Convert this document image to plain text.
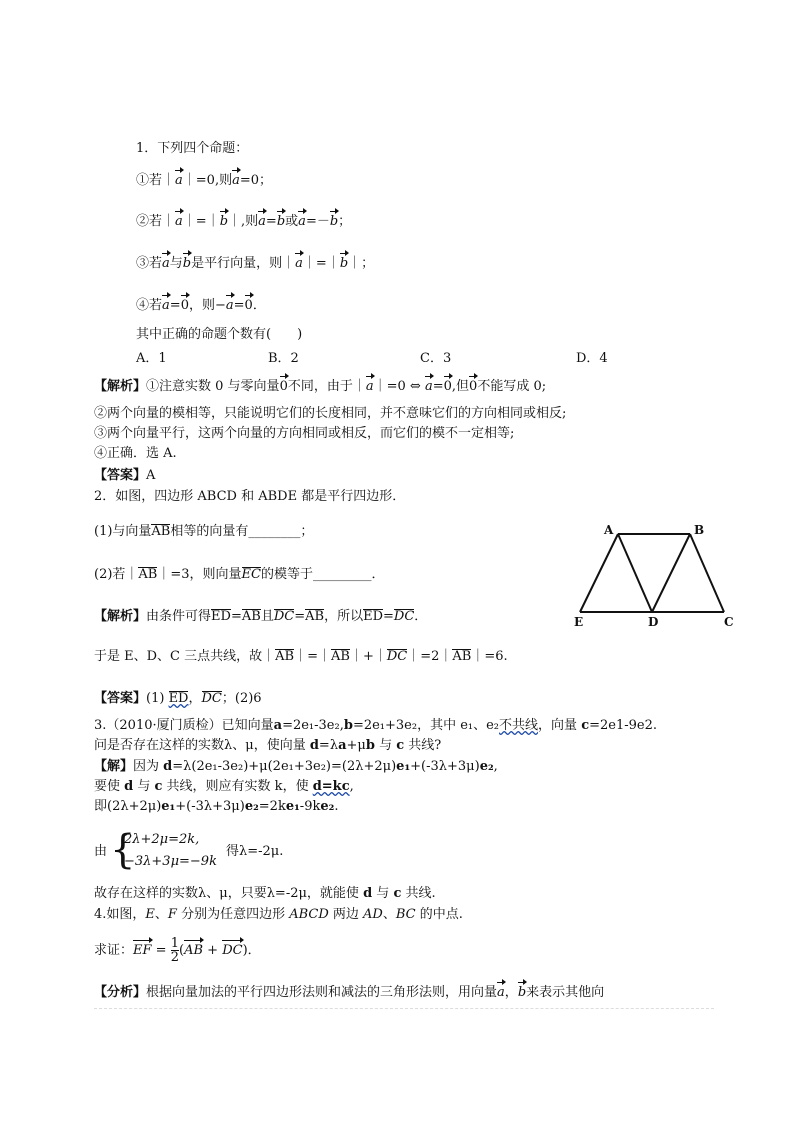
1．下列四个命题：
①若｜a｜=0,则a=0；
②若｜a｜=｜b｜,则a=b或a=－b；
③若a与b是平行向量，则｜a｜=｜b｜；
④若a=0，则−a=0．
其中正确的命题个数有(　　)
A．1	B．2	C．3	D．4
【解析】①注意实数 0 与零向量0不同，由于｜a｜=0 ⇔ a=0,但0不能写成 0;
②两个向量的模相等，只能说明它们的长度相同，并不意味它们的方向相同或相反;
③两个向量平行，这两个向量的方向相同或相反，而它们的模不一定相等;
④正确．选 A.
【答案】A
2．如图，四边形 ABCD 和 ABDE 都是平行四边形．
(1)与向量AB相等的向量有________；
(2)若｜AB｜=3，则向量EC的模等于_________．
【解析】由条件可得ED=AB且DC=AB，所以ED=DC．
于是 E、D、C 三点共线，故｜AB｜=｜AB｜+｜DC｜=2｜AB｜=6.
【答案】(1) ED，DC；(2)6
A	B
E	D	C
3.（2010·厦门质检）已知向量a=2e₁-3e₂,b=2e₁+3e₂，其中 e₁、e₂不共线，向量 c=2e1-9e2.
问是否存在这样的实数λ、μ，使向量 d=λa+μb 与 c 共线?
【解】因为 d=λ(2e₁-3e₂)+μ(2e₁+3e₂)=(2λ+2μ)e₁+(-3λ+3μ)e₂,
要使 d 与 c 共线，则应有实数 k，使 d=kc,
即(2λ+2μ)e₁+(-3λ+3μ)e₂=2ke₁-9ke₂.
由 {
2λ+2μ=2k,
−3λ+3μ=−9k
得λ=-2μ.
故存在这样的实数λ、μ，只要λ=-2μ，就能使 d 与 c 共线.
4.如图，E、F 分别为任意四边形 ABCD 两边 AD、BC 的中点.
求证：EF = $\frac{1}{2} (AB + DC)$．
【分析】根据向量加法的平行四边形法则和减法的三角形法则，用向量a，b来表示其他向
